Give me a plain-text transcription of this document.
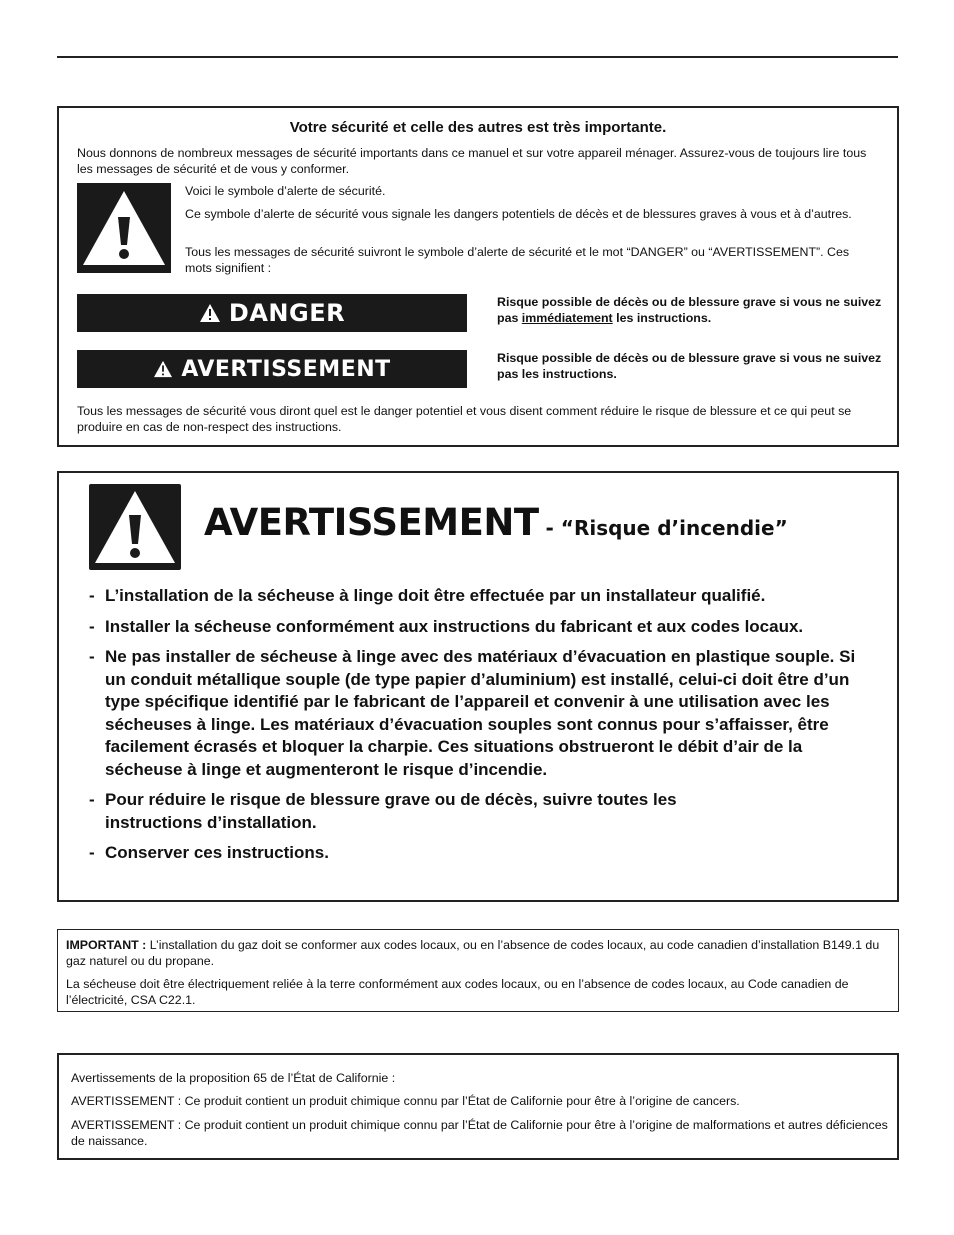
Votre sécurité et celle des autres est très importante.
Nous donnons de nombreux messages de sécurité importants dans ce manuel et sur votre appareil ménager. Assurez-vous de toujours lire tous les messages de sécurité et de vous y conformer.
Voici le symbole d’alerte de sécurité.
Ce symbole d’alerte de sécurité vous signale les dangers potentiels de décès et de blessures graves à vous et à d’autres.
Tous les messages de sécurité suivront le symbole d’alerte de sécurité et le mot “DANGER” ou “AVERTISSEMENT”. Ces mots signifient :
DANGER	Risque possible de décès ou de blessure grave si vous ne suivez pas immédiatement les instructions.
AVERTISSEMENT	Risque possible de décès ou de blessure grave si vous ne suivez pas les instructions.
Tous les messages de sécurité vous diront quel est le danger potentiel et vous disent comment réduire le risque de blessure et ce qui peut se produire en cas de non-respect des instructions.
AVERTISSEMENT - “Risque d’incendie”
- L’installation de la sécheuse à linge doit être effectuée par un installateur qualifié.
- Installer la sécheuse conformément aux instructions du fabricant et aux codes locaux.
- Ne pas installer de sécheuse à linge avec des matériaux d’évacuation en plastique souple. Si un conduit métallique souple (de type papier d’aluminium) est installé, celui-ci doit être d’un type spécifique identifié par le fabricant de l’appareil et convenir à une utilisation avec les sécheuses à linge. Les matériaux d’évacuation souples sont connus pour s’affaisser, être facilement écrasés et bloquer la charpie. Ces situations obstrueront le débit d’air de la sécheuse à linge et augmenteront le risque d’incendie.
- Pour réduire le risque de blessure grave ou de décès, suivre toutes les instructions d’installation.
- Conserver ces instructions.
IMPORTANT : L’installation du gaz doit se conformer aux codes locaux, ou en l’absence de codes locaux, au code canadien d’installation B149.1 du gaz naturel ou du propane.
La sécheuse doit être électriquement reliée à la terre conformément aux codes locaux, ou en l’absence de codes locaux, au Code canadien de l’électricité, CSA C22.1.
Avertissements de la proposition 65 de l’État de Californie :
AVERTISSEMENT : Ce produit contient un produit chimique connu par l’État de Californie pour être à l’origine de cancers.
AVERTISSEMENT : Ce produit contient un produit chimique connu par l’État de Californie pour être à l’origine de malformations et autres déficiences de naissance.
